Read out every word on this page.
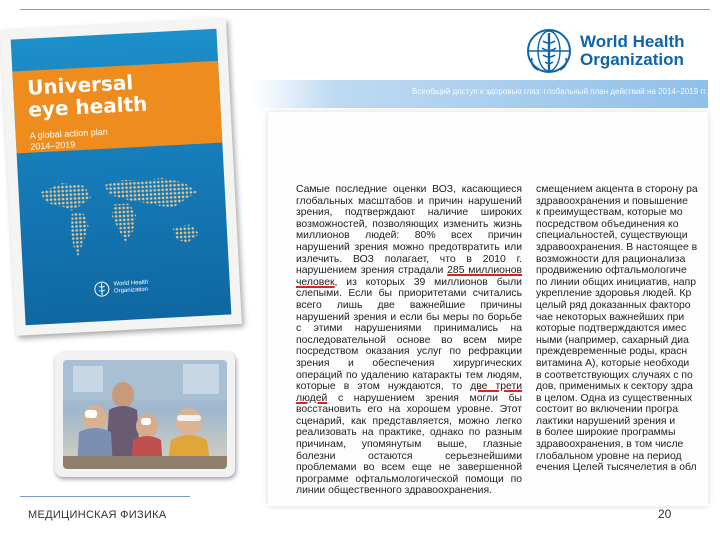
Universal
eye health
A global action plan
2014–2019
World Health
Organization
World Health
Organization
Всеобщий доступ к здоровью глаз: глобальный план действий на 2014–2019 гг.

Самые последние оценки ВОЗ, касающиеся глобальных масштабов и причин нарушений зрения, подтверждают наличие широких возможностей, позволяющих изменить жизнь миллионов людей: 80% всех причин нарушений зрения можно предотвратить или излечить. ВОЗ полагает, что в 2010 г. нарушением зрения страдали 285 миллионов человек, из которых 39 миллионов были слепыми. Если бы приоритетами считались всего лишь две важнейшие причины нарушений зрения и если бы меры по борьбе с этими нарушениями принимались на последовательной основе во всем мире посредством оказания услуг по рефракции зрения и обеспечения хирургических операций по удалению катаракты тем людям, которые в этом нуждаются, то две трети людей с нарушением зрения могли бы восстановить его на хорошем уровне. Этот сценарий, как представляется, можно легко реализовать на практике, однако по разным причинам, упомянутым выше, глазные болезни остаются серьезнейшими проблемами во всем еще не завершенной программе офтальмологической помощи по линии общественного здравоохранения.

смещением акцента в сторону ра

здравоохранения и повышение

к преимуществам, которые мо

посредством объединения ко

специальностей, существующи

здравоохранения. В настоящее в

возможности для рационализа

продвижению офтальмологиче

по линии общих инициатив, напр

укрепление здоровья людей. Кр

целый ряд доказанных факторо

чае некоторых важнейших при

которые подтверждаются имес

ными (например, сахарный диа

преждевременные роды, красн

витамина А), которые необходи

в соответствующих случаях с по

дов, применимых к сектору здра

в целом. Одна из существенных

состоит во включении програ

лактики нарушений зрения и

в более широкие программы

здравоохранения, в том числе

глобальном уровне на период

ечения Целей тысячелетия в обл

МЕДИЦИНСКАЯ ФИЗИКА	20
